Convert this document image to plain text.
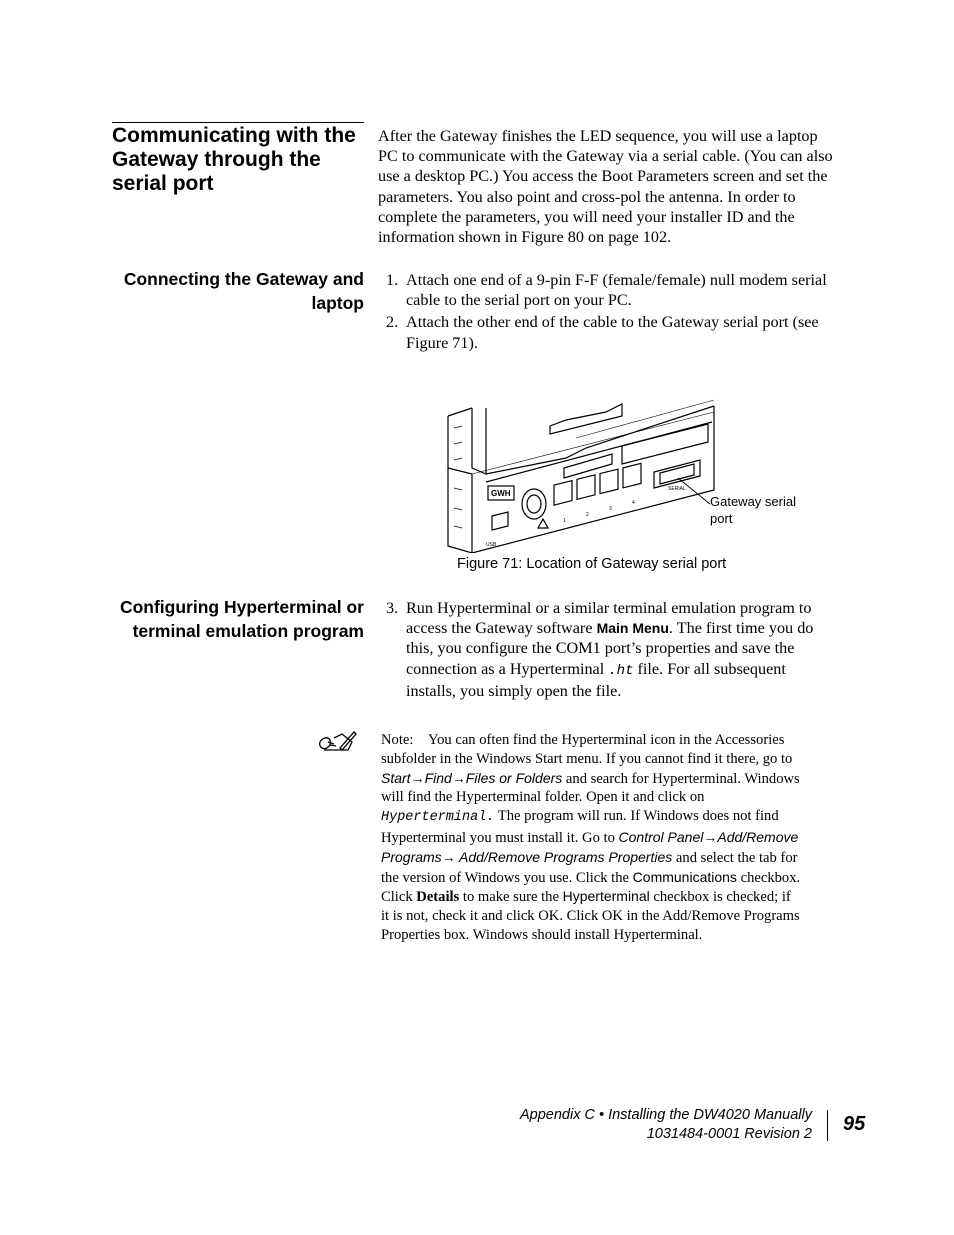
Communicating with the Gateway through the serial port
After the Gateway finishes the LED sequence, you will use a laptop PC to communicate with the Gateway via a serial cable. (You can also use a desktop PC.) You access the Boot Parameters screen and set the parameters. You also point and cross-pol the antenna. In order to complete the parameters, you will need your installer ID and the information shown in Figure 80 on page 102.
Connecting the Gateway and laptop
1. Attach one end of a 9-pin F-F (female/female) null modem serial cable to the serial port on your PC.
2. Attach the other end of the cable to the Gateway serial port (see Figure 71).
GWH
USB
SERIAL
1
2
3
4	Gateway serial port
Figure 71: Location of Gateway serial port
Configuring Hyperterminal or terminal emulation program
3. Run Hyperterminal or a similar terminal emulation program to access the Gateway software Main Menu. The first time you do this, you configure the COM1 port’s properties and save the connection as a Hyperterminal .ht file. For all subsequent installs, you simply open the file.
Note: You can often find the Hyperterminal icon in the Accessories subfolder in the Windows Start menu. If you cannot find it there, go to Start→Find→Files or Folders and search for Hyperterminal. Windows will find the Hyperterminal folder. Open it and click on Hyperterminal. The program will run. If Windows does not find Hyperterminal you must install it. Go to Control Panel→Add/Remove Programs→ Add/Remove Programs Properties and select the tab for the version of Windows you use. Click the Communications checkbox. Click Details to make sure the Hyperterminal checkbox is checked; if it is not, check it and click OK. Click OK in the Add/Remove Programs Properties box. Windows should install Hyperterminal.
Appendix C • Installing the DW4020 Manually
1031484-0001 Revision 2 95
